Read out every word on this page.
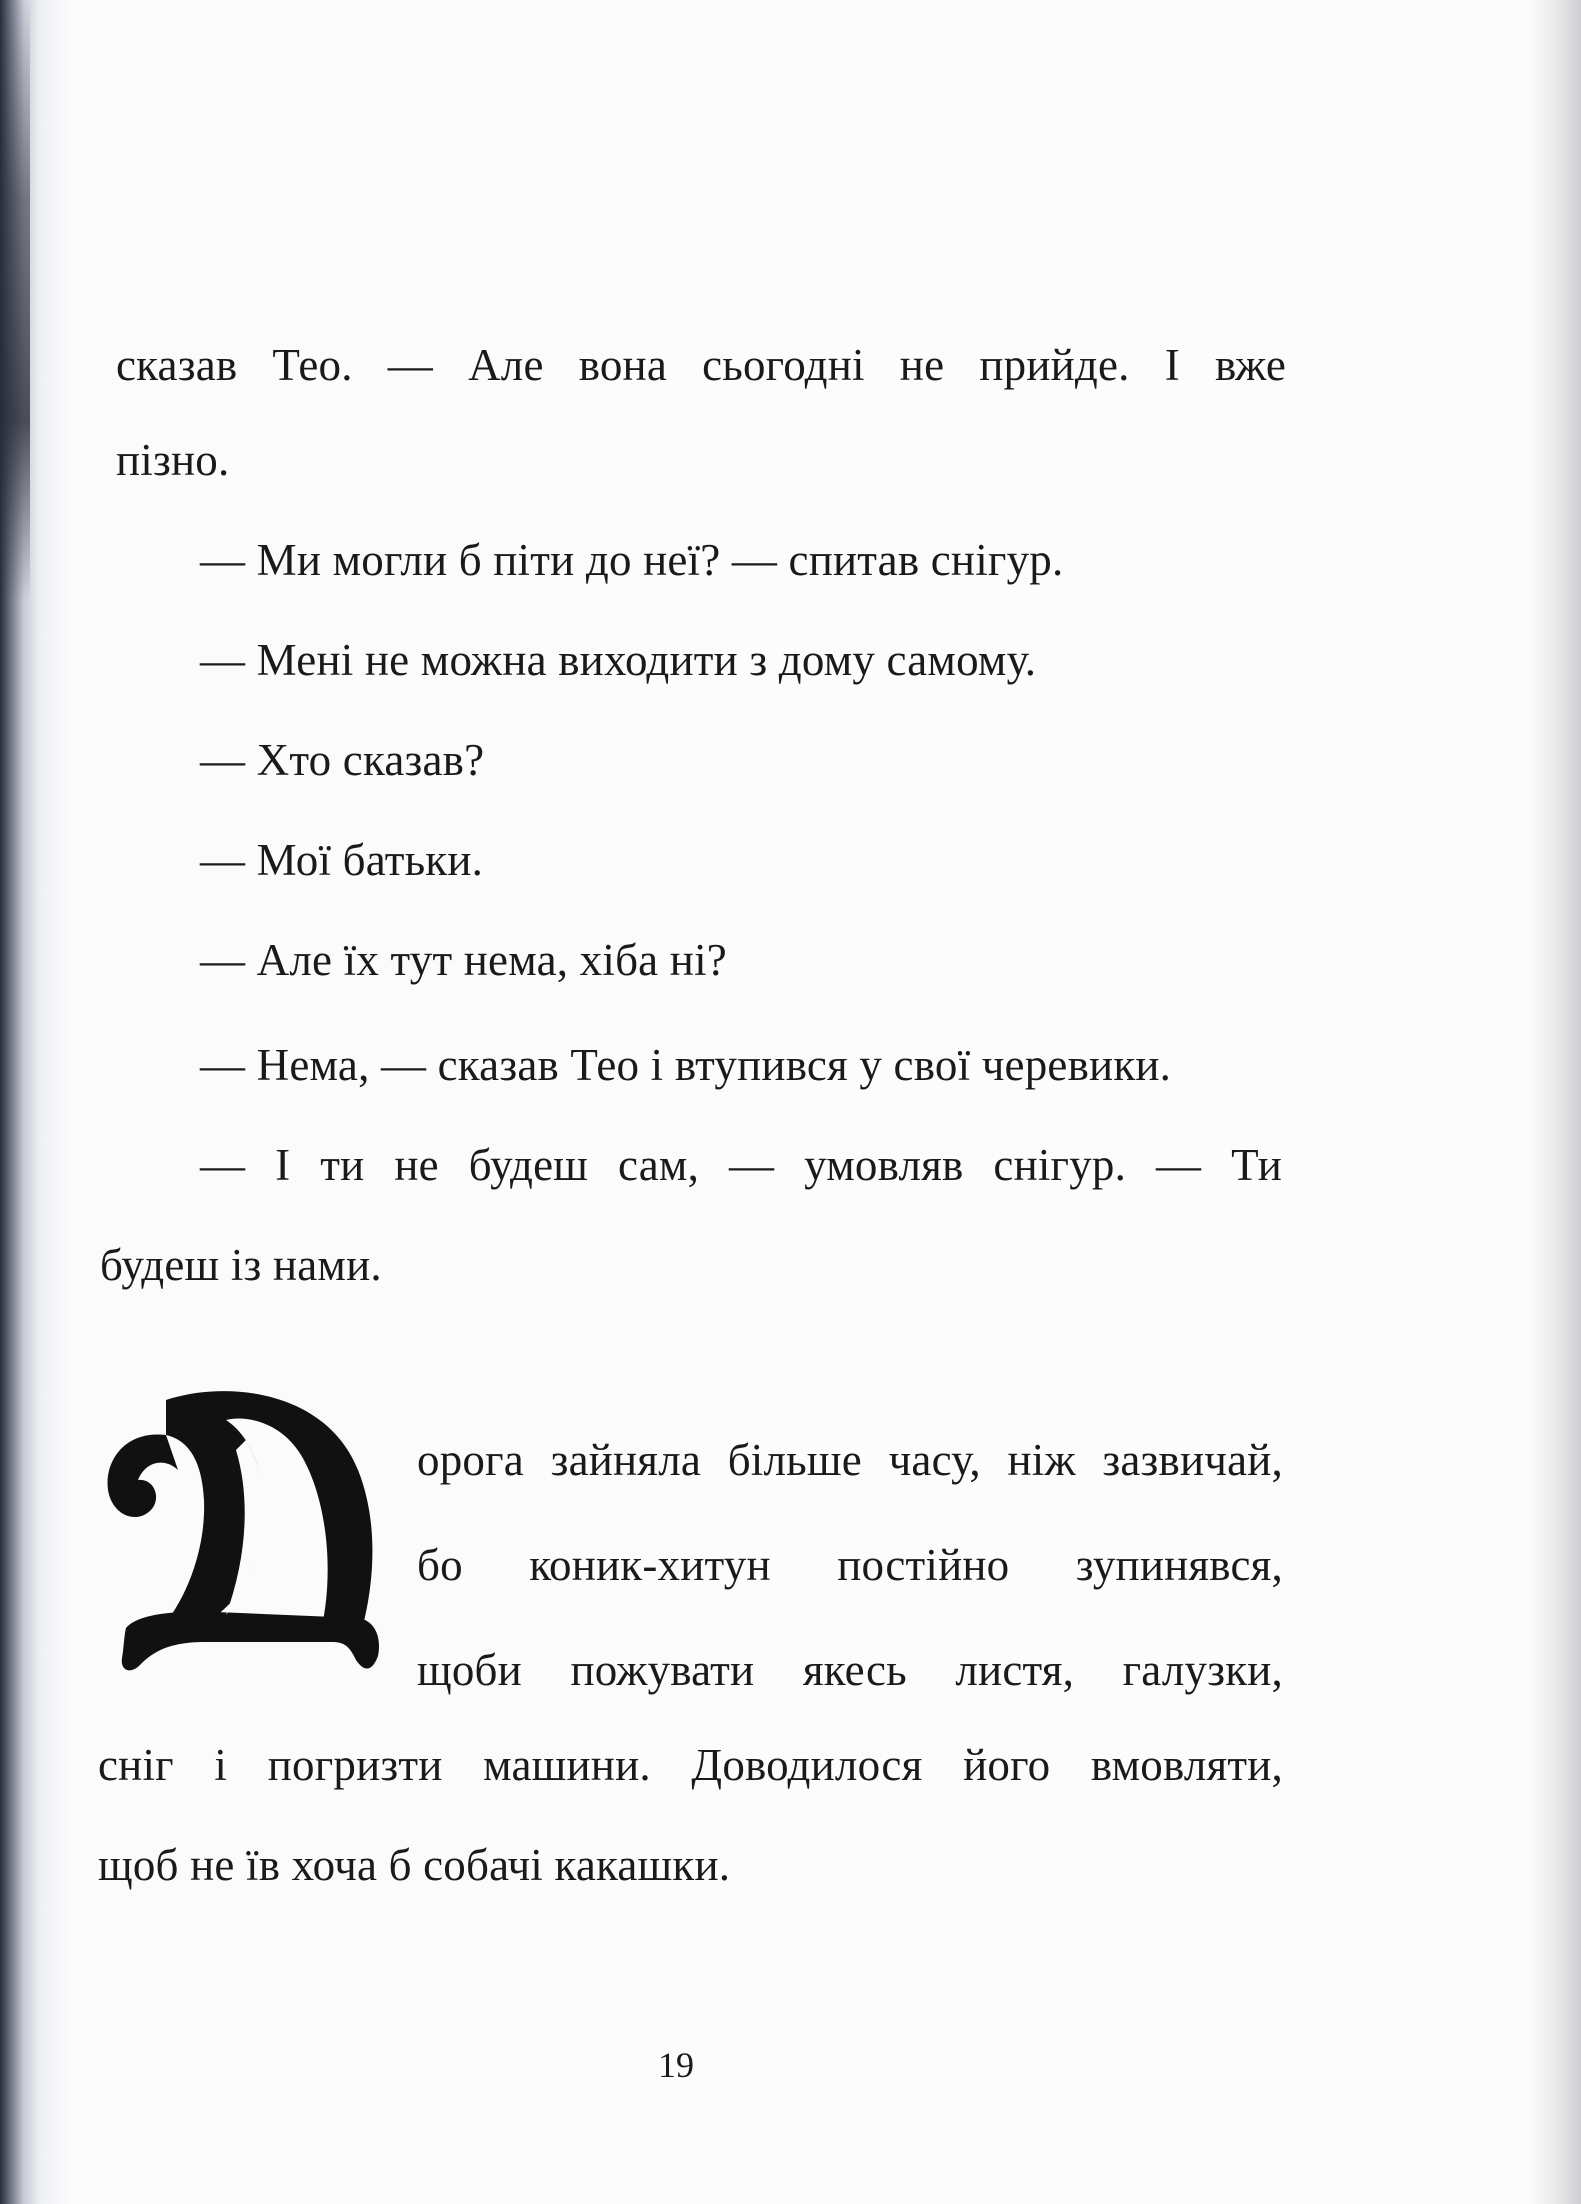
сказав Тео. — Але вона сьогодні не прийде. І вже
пізно.
— Ми могли б піти до неї? — спитав снігур.
— Мені не можна виходити з дому самому.
— Хто сказав?
— Мої батьки.
— Але їх тут нема, хіба ні?
— Нема, — сказав Тео і втупився у свої черевики.
— І ти не будеш сам, — умовляв снігур. — Ти
будеш із нами.
орога зайняла більше часу, ніж зазвичай,
бо коник-хитун постійно зупинявся,
щоби пожувати якесь листя, галузки,
сніг і погризти машини. Доводилося його вмовляти,
щоб не їв хоча б собачі какашки.
19
